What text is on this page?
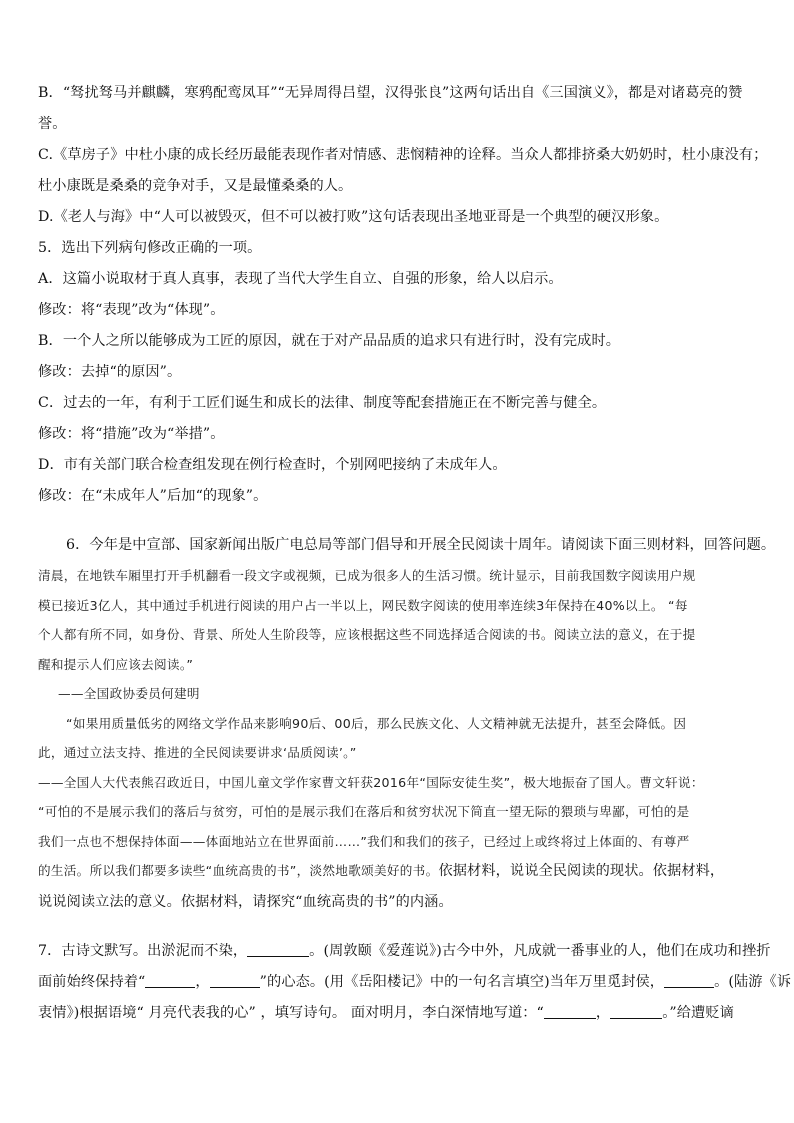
B．“驽扰驽马并麒麟，寒鸦配鸾凤耳”“无异周得吕望，汉得张良”这两句话出自《三国演义》，都是对诸葛亮的赞
誉。
C.《草房子》中杜小康的成长经历最能表现作者对情感、悲悯精神的诠释。当众人都排挤桑大奶奶时，杜小康没有；
杜小康既是桑桑的竞争对手，又是最懂桑桑的人。
D.《老人与海》中“人可以被毁灭，但不可以被打败”这句话表现出圣地亚哥是一个典型的硬汉形象。
5．选出下列病句修改正确的一项。
A．这篇小说取材于真人真事，表现了当代大学生自立、自强的形象，给人以启示。
修改：将“表现”改为“体现”。
B．一个人之所以能够成为工匠的原因，就在于对产品品质的追求只有进行时，没有完成时。
修改：去掉“的原因”。
C．过去的一年，有利于工匠们诞生和成长的法律、制度等配套措施正在不断完善与健全。
修改：将“措施”改为“举措”。
D．市有关部门联合检查组发现在例行检查时，个别网吧接纳了未成年人。
修改：在“未成年人”后加“的现象”。
6．今年是中宣部、国家新闻出版广电总局等部门倡导和开展全民阅读十周年。请阅读下面三则材料，回答问题。
清晨，在地铁车厢里打开手机翻看一段文字或视频，已成为很多人的生活习惯。统计显示，目前我国数字阅读用户规
模已接近3亿人，其中通过手机进行阅读的用户占一半以上，网民数字阅读的使用率连续3年保持在40%以上。 “每
个人都有所不同，如身份、背景、所处人生阶段等，应该根据这些不同选择适合阅读的书。阅读立法的意义，在于提
醒和提示人们应该去阅读。”
——全国政协委员何建明
“如果用质量低劣的网络文学作品来影响90后、00后，那么民族文化、人文精神就无法提升，甚至会降低。因
此，通过立法支持、推进的全民阅读要讲求‘品质阅读’。”
——全国人大代表熊召政近日，中国儿童文学作家曹文轩获2016年“国际安徒生奖”，极大地振奋了国人。曹文轩说：
“可怕的不是展示我们的落后与贫穷，可怕的是展示我们在落后和贫穷状况下简直一望无际的猥琐与卑鄙，可怕的是
我们一点也不想保持体面——体面地站立在世界面前……”我们和我们的孩子，已经过上或终将过上体面的、有尊严
的生活。所以我们都要多读些“血统高贵的书”，淡然地歌颂美好的书。依据材料，说说全民阅读的现状。依据材料，
说说阅读立法的意义。依据材料，请探究“血统高贵的书”的内涵。
7．古诗文默写。出淤泥而不染，	。(周敦颐《爱莲说》)古今中外，凡成就一番事业的人，他们在成功和挫折
面前始终保持着“	，	”的心态。(用《岳阳楼记》中的一句名言填空)当年万里觅封侯，	。(陆游《诉
衷情》)根据语境“ 月亮代表我的心” ，填写诗句。 面对明月，李白深情地写道：“	，	。”给遭贬谪
